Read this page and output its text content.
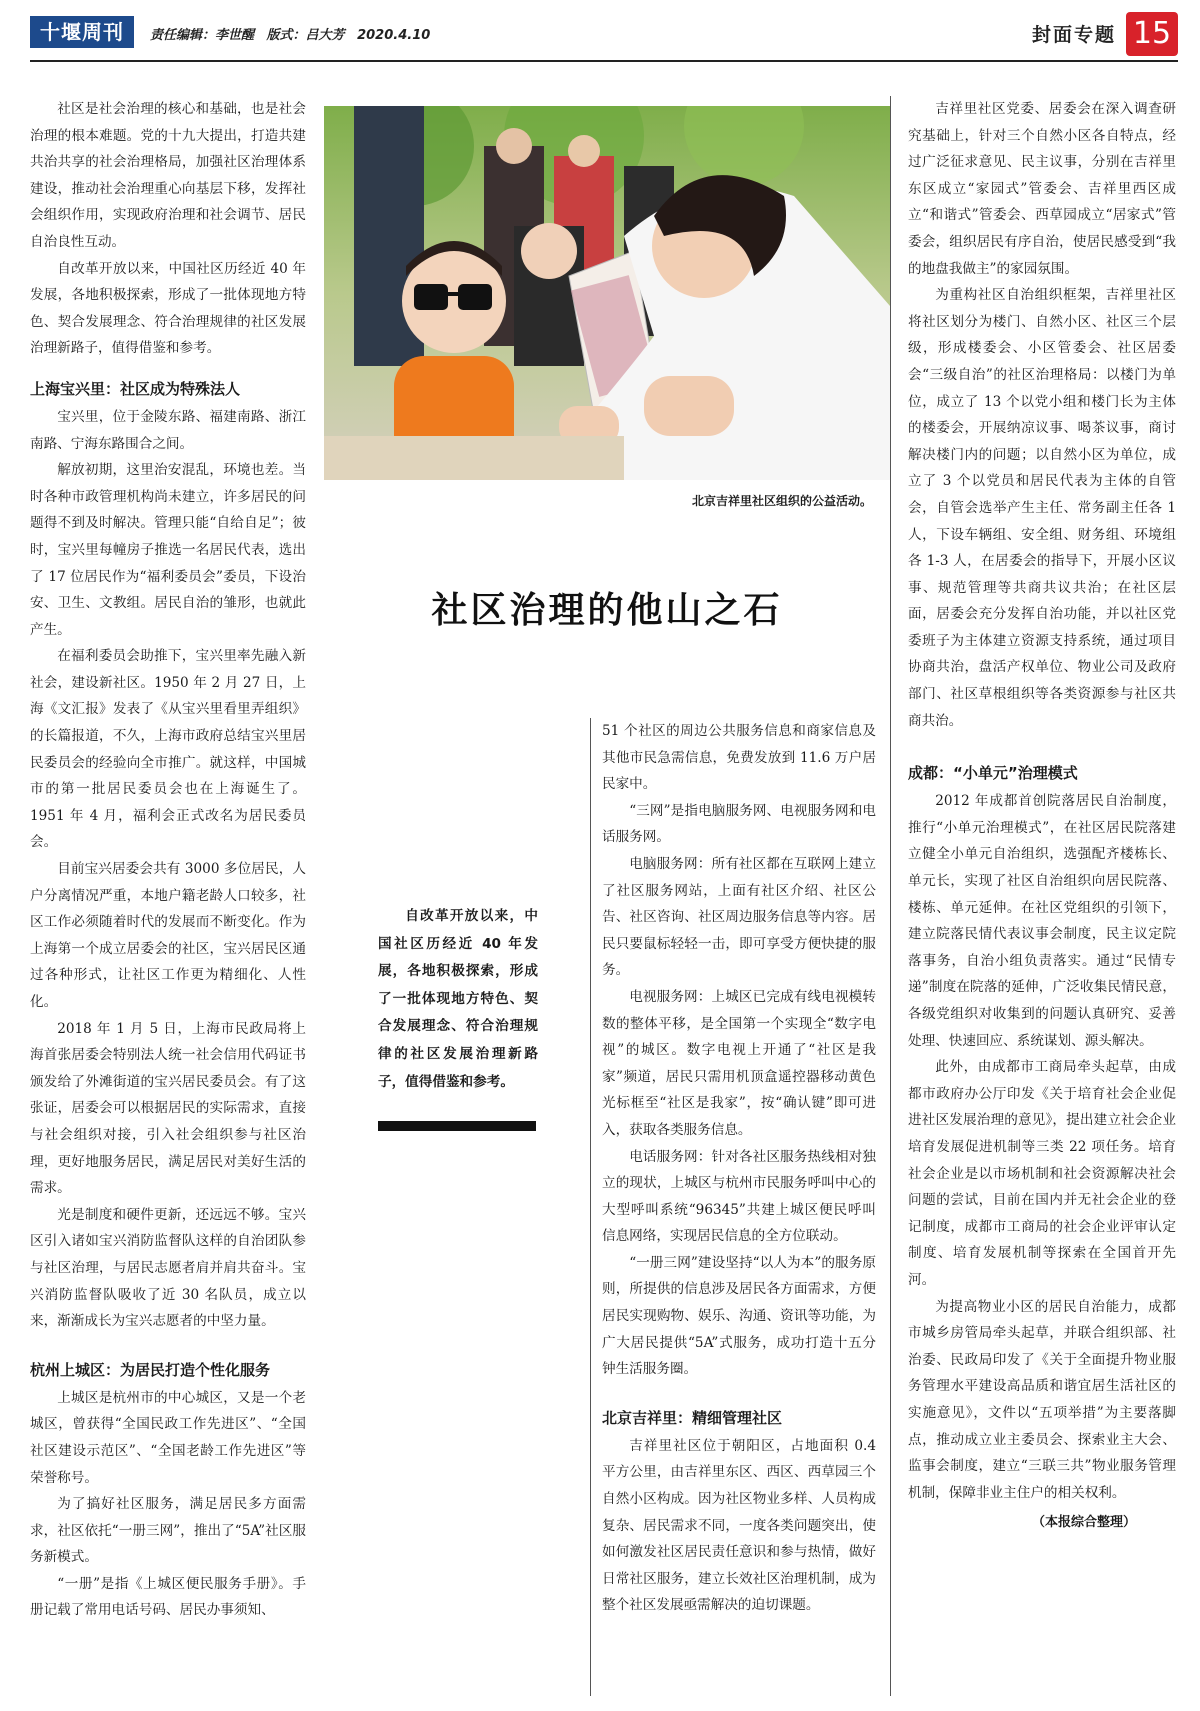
十堰周刊	责任编辑：李世醒 版式：吕大芳 2020.4.10	封面专题 15

社区是社会治理的核心和基础，也是社会治理的根本难题。党的十九大提出，打造共建共治共享的社会治理格局，加强社区治理体系建设，推动社会治理重心向基层下移，发挥社会组织作用，实现政府治理和社会调节、居民自治良性互动。

自改革开放以来，中国社区历经近 40 年发展，各地积极探索，形成了一批体现地方特色、契合发展理念、符合治理规律的社区发展治理新路子，值得借鉴和参考。

上海宝兴里：社区成为特殊法人

宝兴里，位于金陵东路、福建南路、浙江南路、宁海东路围合之间。

解放初期，这里治安混乱，环境也差。当时各种市政管理机构尚未建立，许多居民的问题得不到及时解决。管理只能“自给自足”；彼时，宝兴里每幢房子推选一名居民代表，选出了 17 位居民作为“福利委员会”委员，下设治安、卫生、文教组。居民自治的雏形，也就此产生。

在福利委员会助推下，宝兴里率先融入新社会，建设新社区。1950 年 2 月 27 日，上海《文汇报》发表了《从宝兴里看里弄组织》的长篇报道，不久，上海市政府总结宝兴里居民委员会的经验向全市推广。就这样，中国城市的第一批居民委员会也在上海诞生了。1951 年 4 月，福利会正式改名为居民委员会。

目前宝兴居委会共有 3000 多位居民，人户分离情况严重，本地户籍老龄人口较多，社区工作必须随着时代的发展而不断变化。作为上海第一个成立居委会的社区，宝兴居民区通过各种形式，让社区工作更为精细化、人性化。

2018 年 1 月 5 日，上海市民政局将上海首张居委会特别法人统一社会信用代码证书颁发给了外滩街道的宝兴居民委员会。有了这张证，居委会可以根据居民的实际需求，直接与社会组织对接，引入社会组织参与社区治理，更好地服务居民，满足居民对美好生活的需求。

光是制度和硬件更新，还远远不够。宝兴区引入诸如宝兴消防监督队这样的自治团队参与社区治理，与居民志愿者肩并肩共奋斗。宝兴消防监督队吸收了近 30 名队员，成立以来，渐渐成长为宝兴志愿者的中坚力量。

杭州上城区：为居民打造个性化服务

上城区是杭州市的中心城区，又是一个老城区，曾获得“全国民政工作先进区”、“全国社区建设示范区”、“全国老龄工作先进区”等荣誉称号。

为了搞好社区服务，满足居民多方面需求，社区依托“一册三网”，推出了“5A”社区服务新模式。

“一册”是指《上城区便民服务手册》。手册记载了常用电话号码、居民办事须知、

北京吉祥里社区组织的公益活动。
社区治理的他山之石

自改革开放以来，中国社区历经近 40 年发展，各地积极探索，形成了一批体现地方特色、契合发展理念、符合治理规律的社区发展治理新路子，值得借鉴和参考。

51 个社区的周边公共服务信息和商家信息及其他市民急需信息，免费发放到 11.6 万户居民家中。

“三网”是指电脑服务网、电视服务网和电话服务网。

电脑服务网：所有社区都在互联网上建立了社区服务网站，上面有社区介绍、社区公告、社区咨询、社区周边服务信息等内容。居民只要鼠标轻轻一击，即可享受方便快捷的服务。

电视服务网：上城区已完成有线电视模转数的整体平移，是全国第一个实现全“数字电视”的城区。数字电视上开通了“社区是我家”频道，居民只需用机顶盒遥控器移动黄色光标框至“社区是我家”，按“确认键”即可进入，获取各类服务信息。

电话服务网：针对各社区服务热线相对独立的现状，上城区与杭州市民服务呼叫中心的大型呼叫系统“96345”共建上城区便民呼叫信息网络，实现居民信息的全方位联动。

“一册三网”建设坚持“以人为本”的服务原则，所提供的信息涉及居民各方面需求，方便居民实现购物、娱乐、沟通、资讯等功能，为广大居民提供“5A”式服务，成功打造十五分钟生活服务圈。

北京吉祥里：精细管理社区

吉祥里社区位于朝阳区，占地面积 0.4 平方公里，由吉祥里东区、西区、西草园三个自然小区构成。因为社区物业多样、人员构成复杂、居民需求不同，一度各类问题突出，使如何激发社区居民责任意识和参与热情，做好日常社区服务，建立长效社区治理机制，成为整个社区发展亟需解决的迫切课题。

吉祥里社区党委、居委会在深入调查研究基础上，针对三个自然小区各自特点，经过广泛征求意见、民主议事，分别在吉祥里东区成立“家园式”管委会、吉祥里西区成立“和谐式”管委会、西草园成立“居家式”管委会，组织居民有序自治，使居民感受到“我的地盘我做主”的家园氛围。

为重构社区自治组织框架，吉祥里社区将社区划分为楼门、自然小区、社区三个层级，形成楼委会、小区管委会、社区居委会“三级自治”的社区治理格局：以楼门为单位，成立了 13 个以党小组和楼门长为主体的楼委会，开展纳凉议事、喝茶议事，商讨解决楼门内的问题；以自然小区为单位，成立了 3 个以党员和居民代表为主体的自管会，自管会选举产生主任、常务副主任各 1 人，下设车辆组、安全组、财务组、环境组各 1-3 人，在居委会的指导下，开展小区议事、规范管理等共商共议共治；在社区层面，居委会充分发挥自治功能，并以社区党委班子为主体建立资源支持系统，通过项目协商共治，盘活产权单位、物业公司及政府部门、社区草根组织等各类资源参与社区共商共治。

成都：“小单元”治理模式

2012 年成都首创院落居民自治制度，推行“小单元治理模式”，在社区居民院落建立健全小单元自治组织，选强配齐楼栋长、单元长，实现了社区自治组织向居民院落、楼栋、单元延伸。在社区党组织的引领下，建立院落民情代表议事会制度，民主议定院落事务，自治小组负责落实。通过“民情专递”制度在院落的延伸，广泛收集民情民意，各级党组织对收集到的问题认真研究、妥善处理、快速回应、系统谋划、源头解决。

此外，由成都市工商局牵头起草，由成都市政府办公厅印发《关于培育社会企业促进社区发展治理的意见》，提出建立社会企业培育发展促进机制等三类 22 项任务。培育社会企业是以市场机制和社会资源解决社会问题的尝试，目前在国内并无社会企业的登记制度，成都市工商局的社会企业评审认定制度、培育发展机制等探索在全国首开先河。

为提高物业小区的居民自治能力，成都市城乡房管局牵头起草，并联合组织部、社治委、民政局印发了《关于全面提升物业服务管理水平建设高品质和谐宜居生活社区的实施意见》，文件以“五项举措”为主要落脚点，推动成立业主委员会、探索业主大会、监事会制度，建立“三联三共”物业服务管理机制，保障非业主住户的相关权利。

（本报综合整理）
